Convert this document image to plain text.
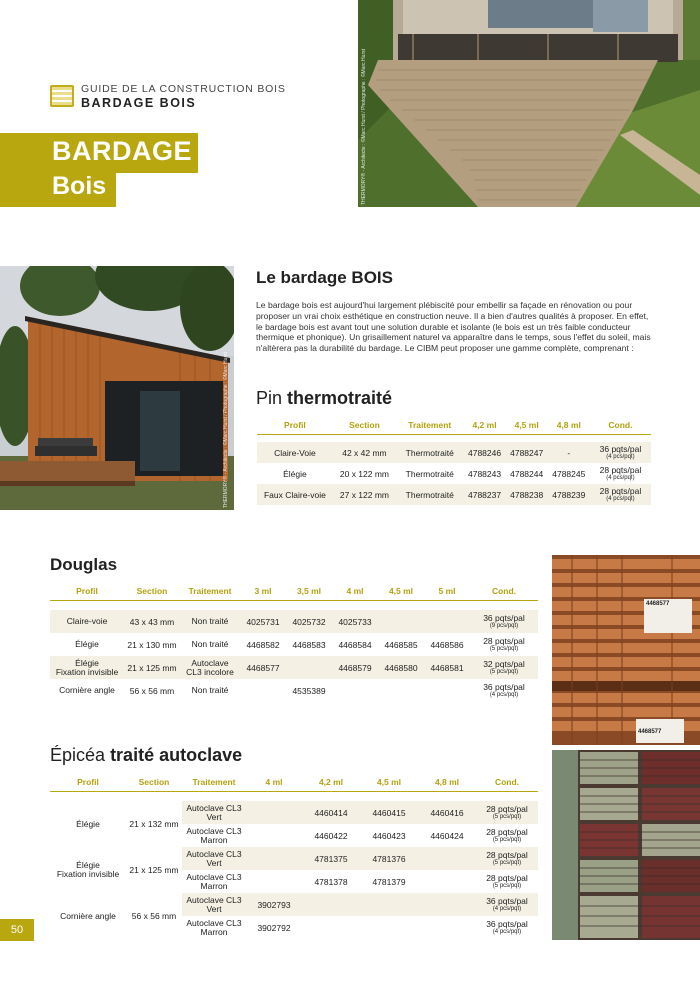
GUIDE DE LA CONSTRUCTION BOIS
BARDAGE BOIS
BARDAGE
Bois	THERMORY® - Architecte : ©Marc Hurst / Photographe : ©Marc Hurst
THERMORY® - Architecte : ©Marc Hurst / Photographe : ©Marc Hurst
Le bardage BOIS
Le bardage bois est aujourd'hui largement plébiscité pour embellir sa façade en rénovation ou pour proposer un vrai choix esthétique en construction neuve. Il a bien d'autres qualités à proposer. En effet, le bardage bois est avant tout une solution durable et isolante (le bois est un très faible conducteur thermique et phonique). Un grisaillement naturel va apparaître dans le temps, sous l'effet du soleil, mais n'altèrera pas la durabilité du bardage. Le CIBM peut proposer une gamme complète, comprenant :
Pin thermotraité
Profil	Section	Traitement	4,2 ml	4,5 ml	4,8 ml	Cond.

Claire-Voie	42 x 42 mm	Thermotraité	4788246	4788247	-	36 pqts/pal
(4 pcs/pqt)

Élégie	20 x 122 mm	Thermotraité	4788243	4788244	4788245	28 pqts/pal
(4 pcs/pqt)

Faux Claire-voie	27 x 122 mm	Thermotraité	4788237	4788238	4788239	28 pqts/pal
(4 pcs/pqt)
Douglas
Profil	Section	Traitement	3 ml	3,5 ml	4 ml	4,5 ml	5 ml	Cond.

Claire-voie	43 x 43 mm	Non traité	4025731	4025732	4025733			36 pqts/pal
(9 pcs/pqt)

Élégie	21 x 130 mm	Non traité	4468582	4468583	4468584	4468585	4468586	28 pqts/pal
(5 pcs/pqt)

Élégie
Fixation invisible	21 x 125 mm	Autoclave
CL3 incolore	4468577		4468579	4468580	4468581	32 pqts/pal
(5 pcs/pqt)

Cornière angle	56 x 56 mm	Non traité		4535389				36 pqts/pal
(4 pcs/pqt)
4468577
4468577
Épicéa traité autoclave
Profil	Section	Traitement	4 ml	4,2 ml	4,5 ml	4,8 ml	Cond.

Élégie	21 x 132 mm	Autoclave CL3
Vert		4460414	4460415	4460416	28 pqts/pal
(5 pcs/pqt)

		Autoclave CL3
Marron		4460422	4460423	4460424	28 pqts/pal
(5 pcs/pqt)

Élégie
Fixation invisible	21 x 125 mm	Autoclave CL3
Vert		4781375	4781376		28 pqts/pal
(5 pcs/pqt)

		Autoclave CL3
Marron		4781378	4781379		28 pqts/pal
(5 pcs/pqt)

Cornière angle	56 x 56 mm	Autoclave CL3
Vert	3902793				36 pqts/pal
(4 pcs/pqt)

		Autoclave CL3
Marron	3902792				36 pqts/pal
(4 pcs/pqt)
50
